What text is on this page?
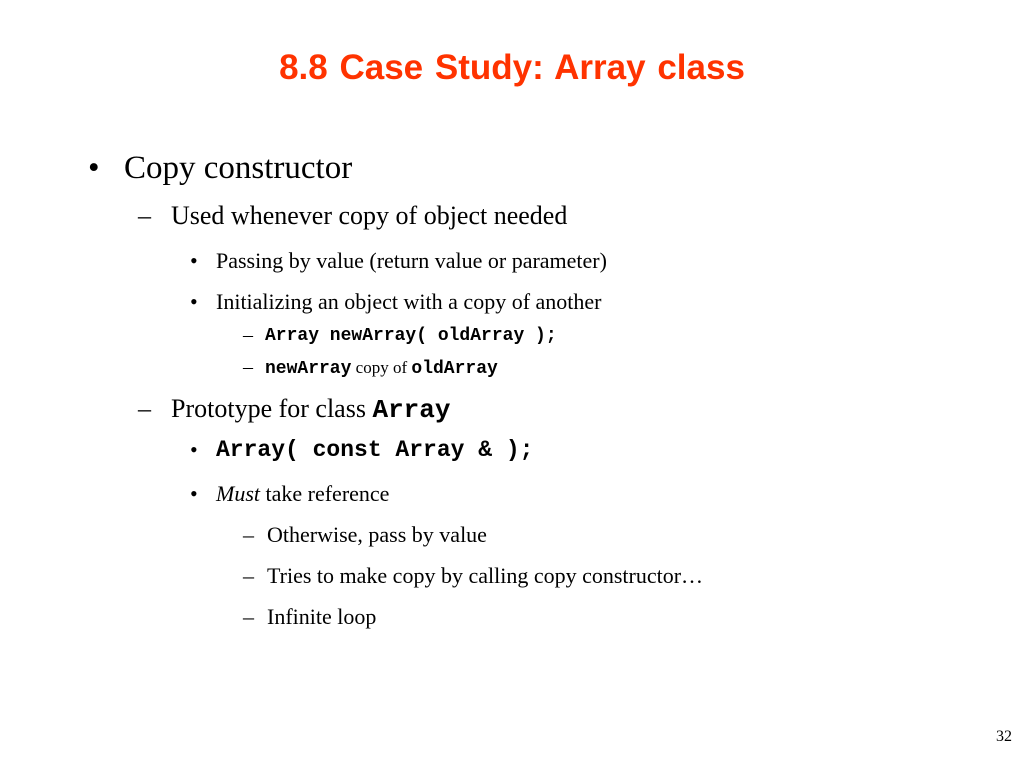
8.8 Case Study: Array class
• Copy constructor
– Used whenever copy of object needed
• Passing by value (return value or parameter)
• Initializing an object with a copy of another
– Array newArray( oldArray );
– newArray copy of oldArray
– Prototype for class Array
• Array( const Array & );
• Must take reference
– Otherwise, pass by value
– Tries to make copy by calling copy constructor…
– Infinite loop
32
